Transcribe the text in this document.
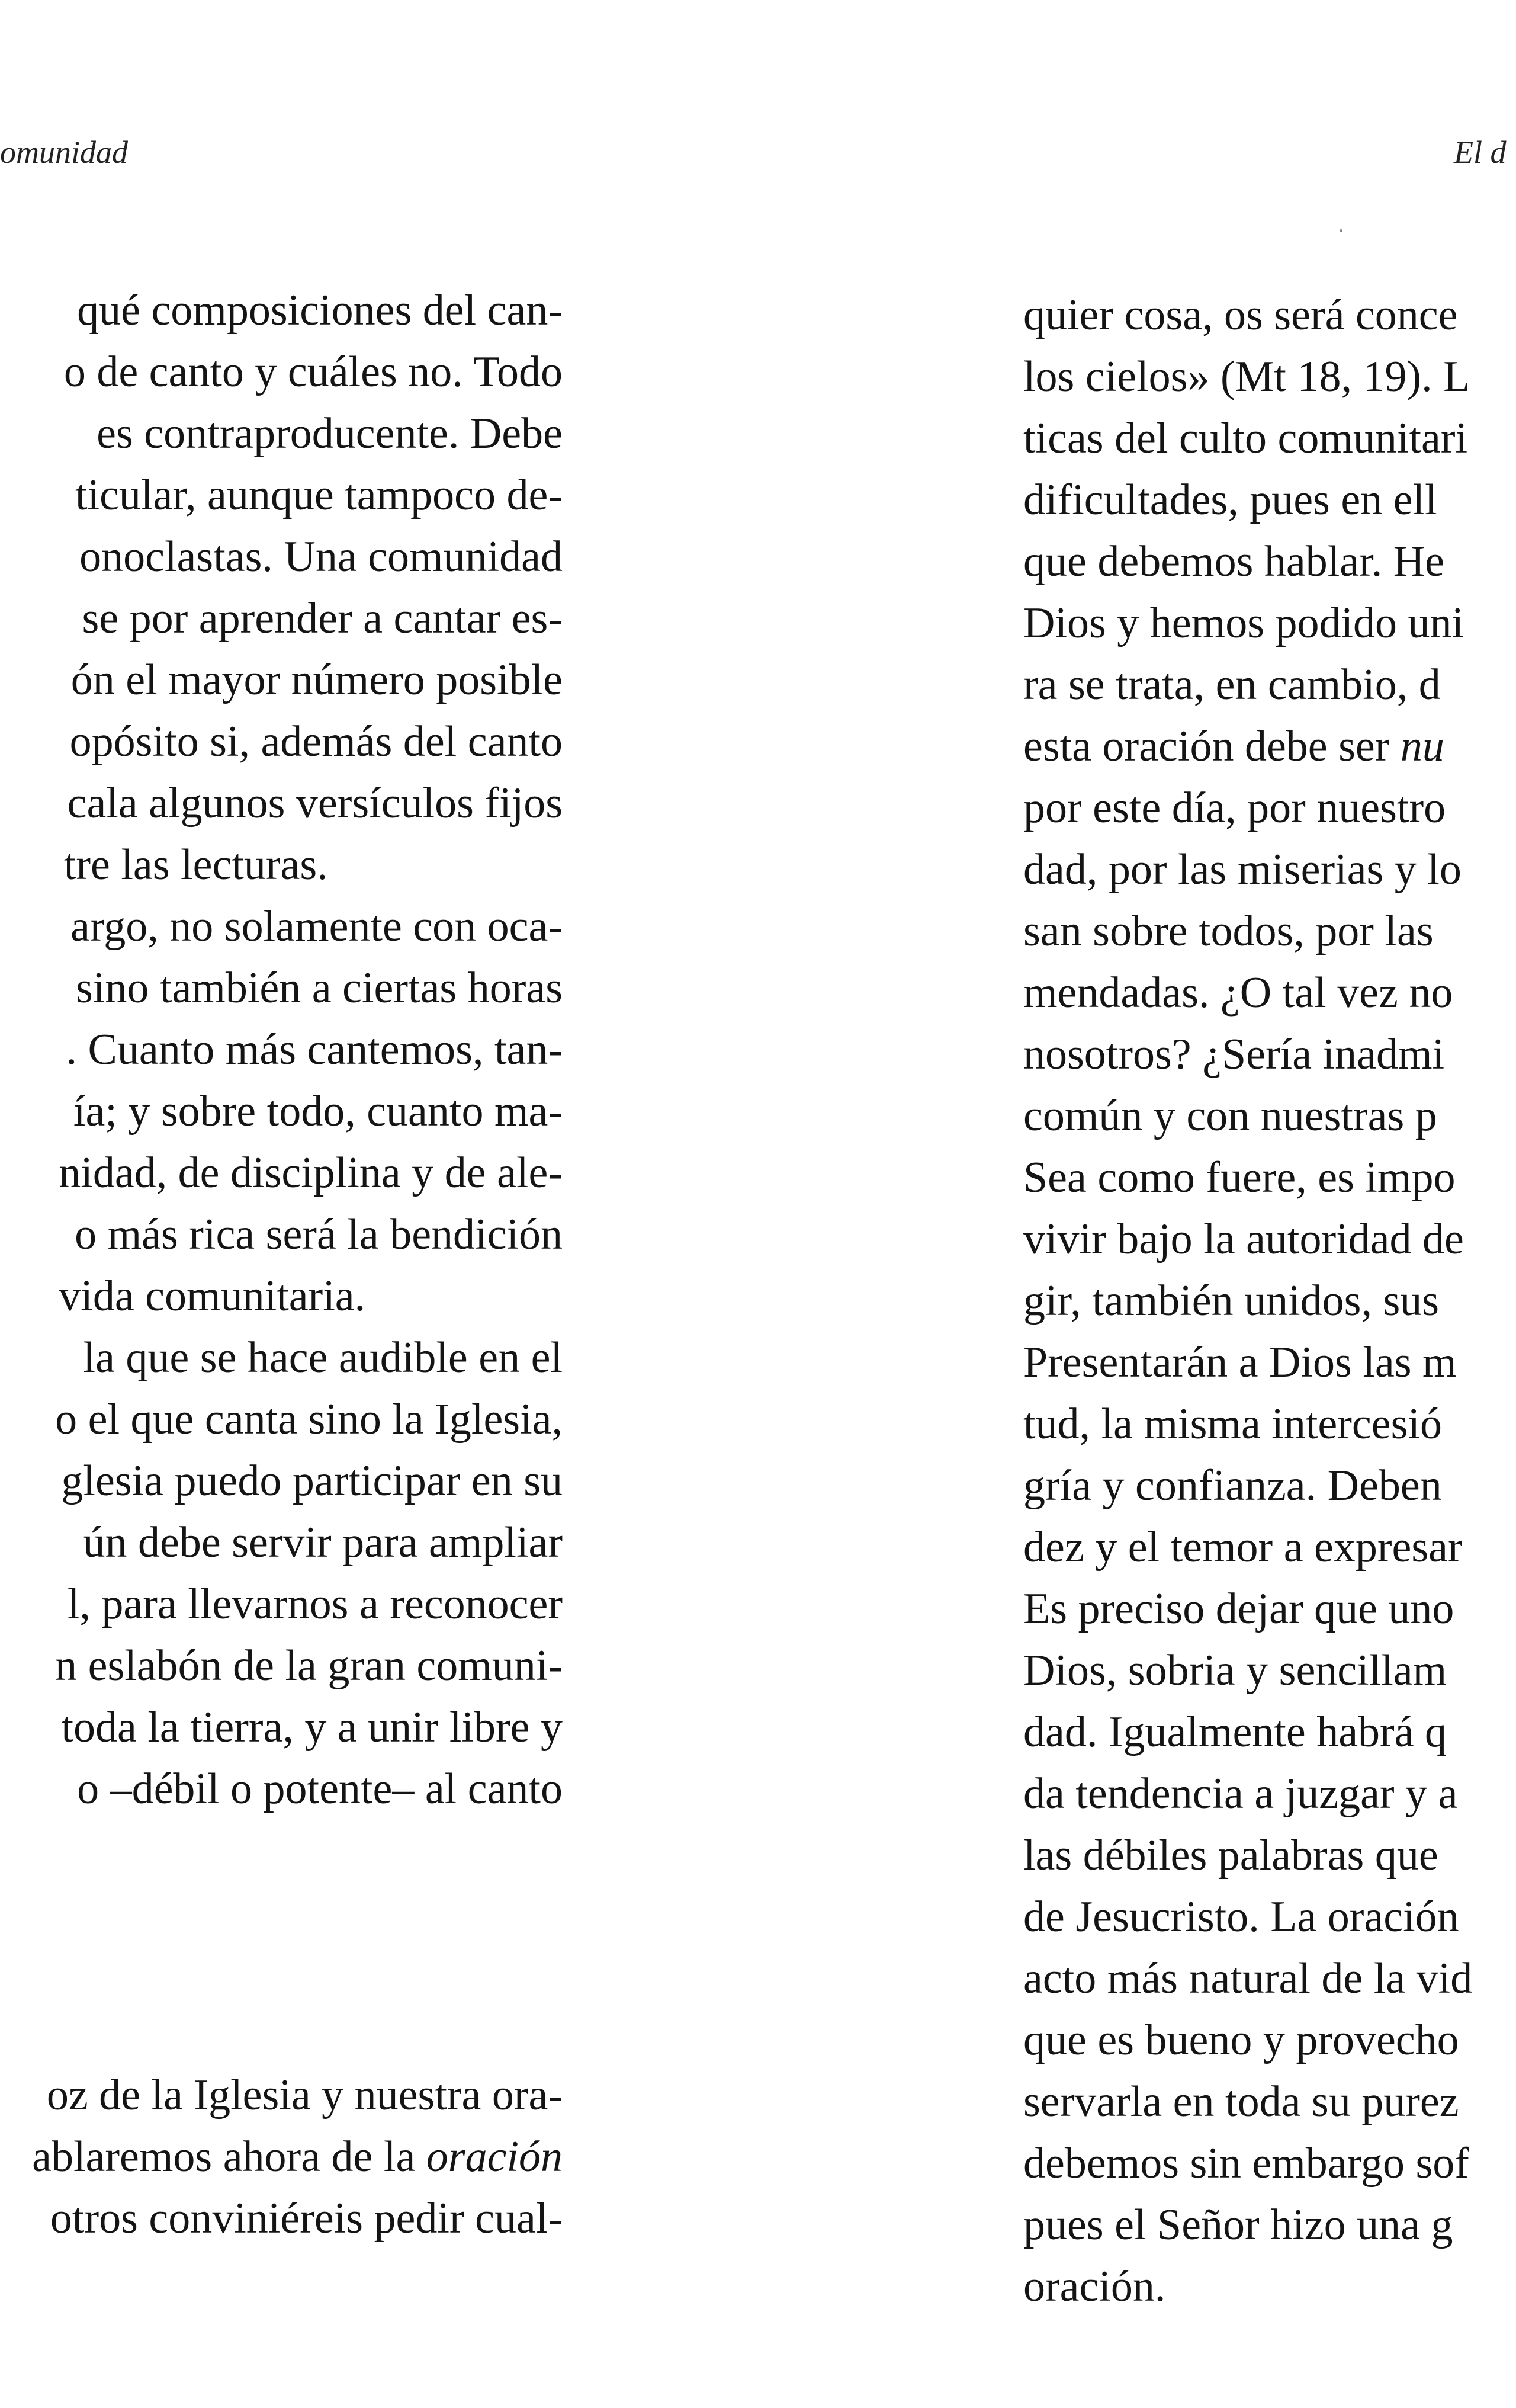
omunidad
qué composiciones del can-
o de canto y cuáles no. Todo
es contraproducente. Debe
ticular, aunque tampoco de-
onoclastas. Una comunidad
se por aprender a cantar es-
ón el mayor número posible
opósito si, además del canto
cala algunos versículos fijos
tre las lecturas.
argo, no solamente con oca-
sino también a ciertas horas
. Cuanto más cantemos, tan-
ía; y sobre todo, cuanto ma-
nidad, de disciplina y de ale-
o más rica será la bendición
vida comunitaria.
la que se hace audible en el
o el que canta sino la Iglesia,
glesia puedo participar en su
ún debe servir para ampliar
l, para llevarnos a reconocer
n eslabón de la gran comuni-
toda la tierra, y a unir libre y
o –débil o potente– al canto
oz de la Iglesia y nuestra ora-
ablaremos ahora de la oración
otros conviniéreis pedir cual-
El d
quier cosa, os será conce
los cielos» (Mt 18, 19). L
ticas del culto comunitari
dificultades, pues en ell
que debemos hablar. He
Dios y hemos podido uni
ra se trata, en cambio, d
esta oración debe ser nu
por este día, por nuestro
dad, por las miserias y lo
san sobre todos, por las
mendadas. ¿O tal vez no
nosotros? ¿Sería inadmi
común y con nuestras p
Sea como fuere, es impo
vivir bajo la autoridad de
gir, también unidos, sus
Presentarán a Dios las m
tud, la misma intercesió
gría y confianza. Deben
dez y el temor a expresar
Es preciso dejar que uno
Dios, sobria y sencillam
dad. Igualmente habrá q
da tendencia a juzgar y a
las débiles palabras que
de Jesucristo. La oración
acto más natural de la vid
que es bueno y provecho
servarla en toda su purez
debemos sin embargo sof
pues el Señor hizo una g
oración.
